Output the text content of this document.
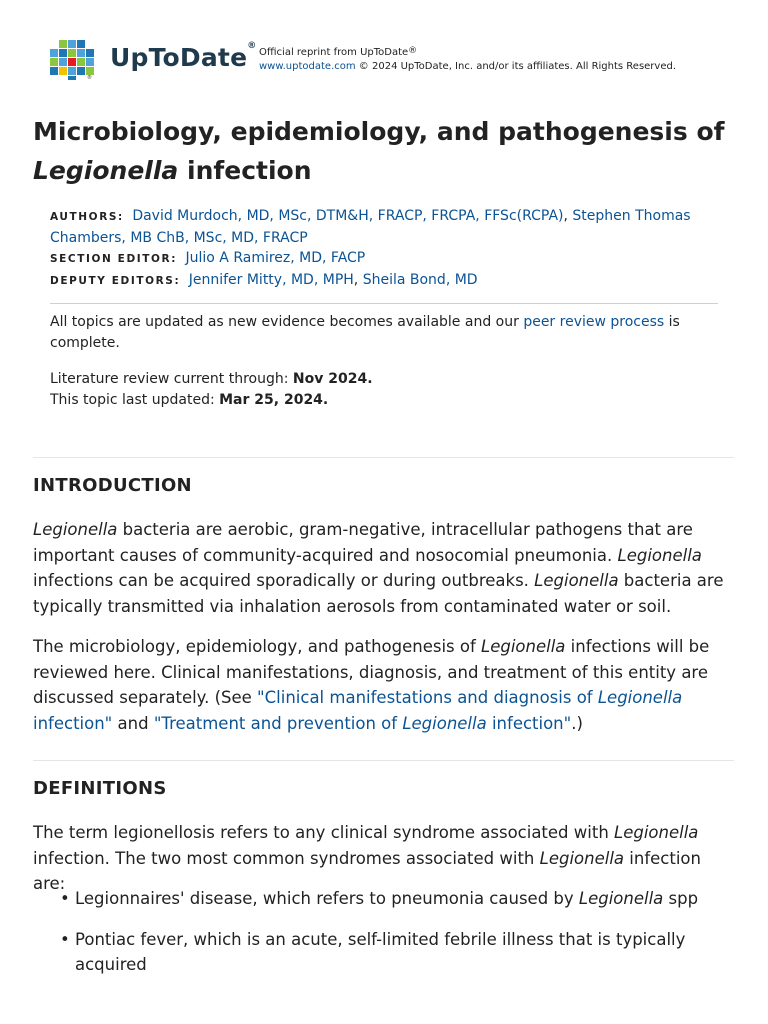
®
UpToDate®
Official reprint from UpToDate®
www.uptodate.com © 2024 UpToDate, Inc. and/or its affiliates. All Rights Reserved.
Microbiology, epidemiology, and pathogenesis of
Legionella infection
AUTHORS: David Murdoch, MD, MSc, DTM&H, FRACP, FRCPA, FFSc(RCPA), Stephen Thomas Chambers, MB ChB, MSc, MD, FRACP
SECTION EDITOR: Julio A Ramirez, MD, FACP
DEPUTY EDITORS: Jennifer Mitty, MD, MPH, Sheila Bond, MD

All topics are updated as new evidence becomes available and our peer review process is complete.

Literature review current through: Nov 2024.

This topic last updated: Mar 25, 2024.

INTRODUCTION

Legionella bacteria are aerobic, gram-negative, intracellular pathogens that are important causes of community-acquired and nosocomial pneumonia. Legionella infections can be acquired sporadically or during outbreaks. Legionella bacteria are typically transmitted via inhalation aerosols from contaminated water or soil.

The microbiology, epidemiology, and pathogenesis of Legionella infections will be reviewed here. Clinical manifestations, diagnosis, and treatment of this entity are discussed separately. (See "Clinical manifestations and diagnosis of Legionella infection" and "Treatment and prevention of Legionella infection".)

DEFINITIONS

The term legionellosis refers to any clinical syndrome associated with Legionella infection. The two most common syndromes associated with Legionella infection are:

• Legionnaires' disease, which refers to pneumonia caused by Legionella spp
• Pontiac fever, which is an acute, self-limited febrile illness that is typically acquired
